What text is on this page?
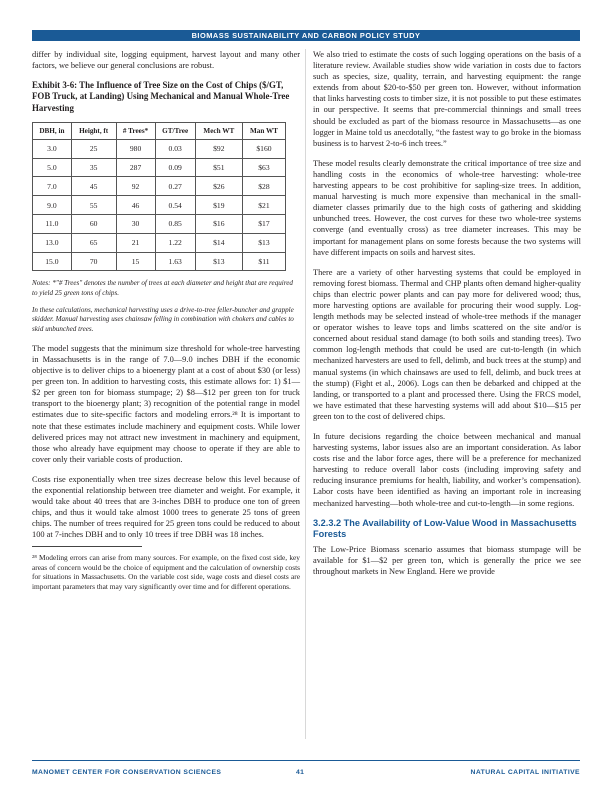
BIOMASS SUSTAINABILITY AND CARBON POLICY STUDY

differ by individual site, logging equipment, harvest layout and many other factors, we believe our general conclusions are robust.

Exhibit 3-6: The Influence of Tree Size on the Cost of Chips ($/GT, FOB Truck, at Landing) Using Mechanical and Manual Whole-Tree Harvesting
DBH, in	Height, ft	# Trees*	GT/Tree	Mech WT	Man WT
3.0	25	980	0.03	$92	$160
5.0	35	287	0.09	$51	$63
7.0	45	92	0.27	$26	$28
9.0	55	46	0.54	$19	$21
11.0	60	30	0.85	$16	$17
13.0	65	21	1.22	$14	$13
15.0	70	15	1.63	$13	$11

Notes: *"# Trees" denotes the number of trees at each diameter and height that are required to yield 25 green tons of chips.

In these calculations, mechanical harvesting uses a drive-to-tree feller-buncher and grapple skidder. Manual harvesting uses chainsaw felling in combination with chokers and cables to skid unbunched trees.

The model suggests that the minimum size threshold for whole-tree harvesting in Massachusetts is in the range of 7.0—9.0 inches DBH if the economic objective is to deliver chips to a bioenergy plant at a cost of about $30 (or less) per green ton. In addition to harvesting costs, this estimate allows for: 1) $1—$2 per green ton for biomass stumpage; 2) $8—$12 per green ton for truck transport to the bioenergy plant; 3) recognition of the potential range in model estimates due to site-specific factors and modeling errors.²⁸ It is important to note that these estimates include machinery and equipment costs. While lower delivered prices may not attract new investment in machinery and equipment, those who already have equipment may choose to operate if they are able to cover only their variable costs of production.

Costs rise exponentially when tree sizes decrease below this level because of the exponential relationship between tree diameter and weight. For example, it would take about 40 trees that are 3-inches DBH to produce one ton of green chips, and thus it would take almost 1000 trees to generate 25 tons of green chips. The number of trees required for 25 green tons could be reduced to about 100 at 7-inches DBH and to only 10 trees if tree DBH was 18 inches.

²⁸ Modeling errors can arise from many sources. For example, on the fixed cost side, key areas of concern would be the choice of equipment and the calculation of ownership costs for situations in Massachusetts. On the variable cost side, wage costs and diesel costs are important parameters that may vary significantly over time and for different operations.

We also tried to estimate the costs of such logging operations on the basis of a literature review. Available studies show wide variation in costs due to factors such as species, size, quality, terrain, and harvesting equipment: the range extends from about $20-to-$50 per green ton. However, without information that links harvesting costs to timber size, it is not possible to put these estimates in our perspective. It seems that pre-commercial thinnings and small trees should be excluded as part of the biomass resource in Massachusetts—as one logger in Maine told us anecdotally, “the fastest way to go broke in the biomass business is to harvest 2-to-6 inch trees.”

These model results clearly demonstrate the critical importance of tree size and handling costs in the economics of whole-tree harvesting: whole-tree harvesting appears to be cost prohibitive for sapling-size trees. In addition, manual harvesting is much more expensive than mechanical in the small-diameter classes primarily due to the high costs of gathering and skidding unbunched trees. However, the cost curves for these two whole-tree systems converge (and eventually cross) as tree diameter increases. This may be important for management plans on some forests because the two systems will have different impacts on soils and harvest sites.

There are a variety of other harvesting systems that could be employed in removing forest biomass. Thermal and CHP plants often demand higher-quality chips than electric power plants and can pay more for delivered wood; thus, more harvesting options are available for procuring their wood supply. Log-length methods may be selected instead of whole-tree methods if the manager or operator wishes to leave tops and limbs scattered on the site and/or is concerned about residual stand damage (to both soils and standing trees). Two common log-length methods that could be used are cut-to-length (in which mechanized harvesters are used to fell, delimb, and buck trees at the stump) and manual systems (in which chainsaws are used to fell, delimb, and buck trees at the stump) (Fight et al., 2006). Logs can then be debarked and chipped at the landing, or transported to a plant and processed there. Using the FRCS model, we have estimated that these harvesting systems will add about $10—$15 per green ton to the cost of delivered chips.

In future decisions regarding the choice between mechanical and manual harvesting systems, labor issues also are an important consideration. As labor costs rise and the labor force ages, there will be a preference for mechanized harvesting to reduce overall labor costs (including improving safety and reducing insurance premiums for health, liability, and worker’s compensation). Labor costs have been identified as having an important role in increasing mechanized harvesting—both whole-tree and cut-to-length—in some regions.

3.2.3.2 The Availability of Low-Value Wood in Massachusetts Forests

The Low-Price Biomass scenario assumes that biomass stumpage will be available for $1—$2 per green ton, which is generally the price we see throughout markets in New England. Here we provide

MANOMET CENTER FOR CONSERVATION SCIENCES	41	NATURAL CAPITAL INITIATIVE
